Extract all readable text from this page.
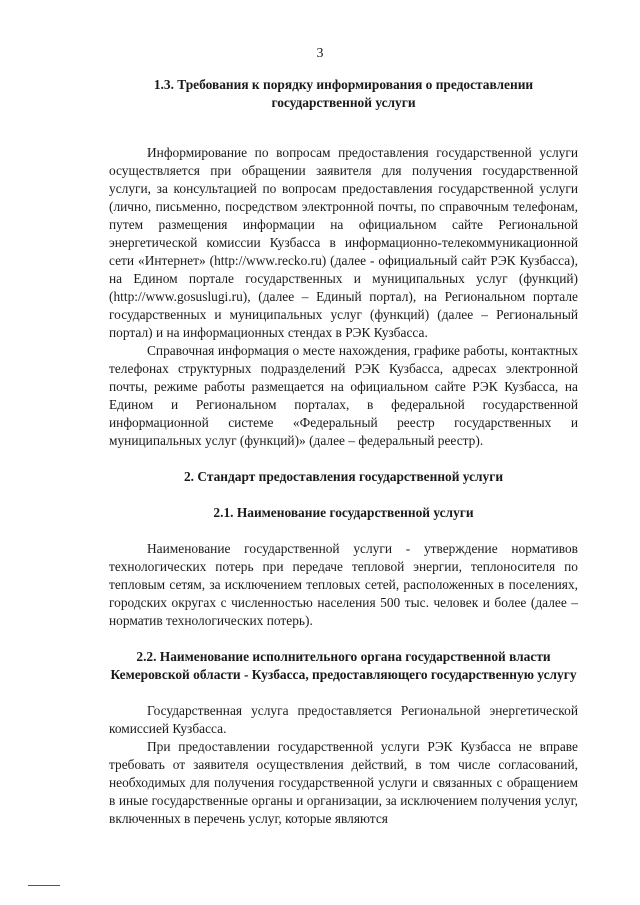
3

1.3. Требования к порядку информирования о предоставлении государственной услуги

Информирование по вопросам предоставления государственной услуги осуществляется при обращении заявителя для получения государственной услуги, за консультацией по вопросам предоставления государственной услуги (лично, письменно, посредством электронной почты, по справочным телефонам, путем размещения информации на официальном сайте Региональной энергетической комиссии Кузбасса в информационно-телекоммуникационной сети «Интернет» (http://www.recko.ru) (далее - официальный сайт РЭК Кузбасса), на Едином портале государственных и муниципальных услуг (функций) (http://www.gosuslugi.ru), (далее – Единый портал), на Региональном портале государственных и муниципальных услуг (функций) (далее – Региональный портал) и на информационных стендах в РЭК Кузбасса.

Справочная информация о месте нахождения, графике работы, контактных телефонах структурных подразделений РЭК Кузбасса, адресах электронной почты, режиме работы размещается на официальном сайте РЭК Кузбасса, на Едином и Региональном порталах, в федеральной государственной информационной системе «Федеральный реестр государственных и муниципальных услуг (функций)» (далее – федеральный реестр).

2. Стандарт предоставления государственной услуги

2.1. Наименование государственной услуги

Наименование государственной услуги - утверждение нормативов технологических потерь при передаче тепловой энергии, теплоносителя по тепловым сетям, за исключением тепловых сетей, расположенных в поселениях, городских округах с численностью населения 500 тыс. человек и более (далее – норматив технологических потерь).

2.2. Наименование исполнительного органа государственной власти Кемеровской области - Кузбасса, предоставляющего государственную услугу

Государственная услуга предоставляется Региональной энергетической комиссией Кузбасса.

При предоставлении государственной услуги РЭК Кузбасса не вправе требовать от заявителя осуществления действий, в том числе согласований, необходимых для получения государственной услуги и связанных с обращением в иные государственные органы и организации, за исключением получения услуг, включенных в перечень услуг, которые являются
